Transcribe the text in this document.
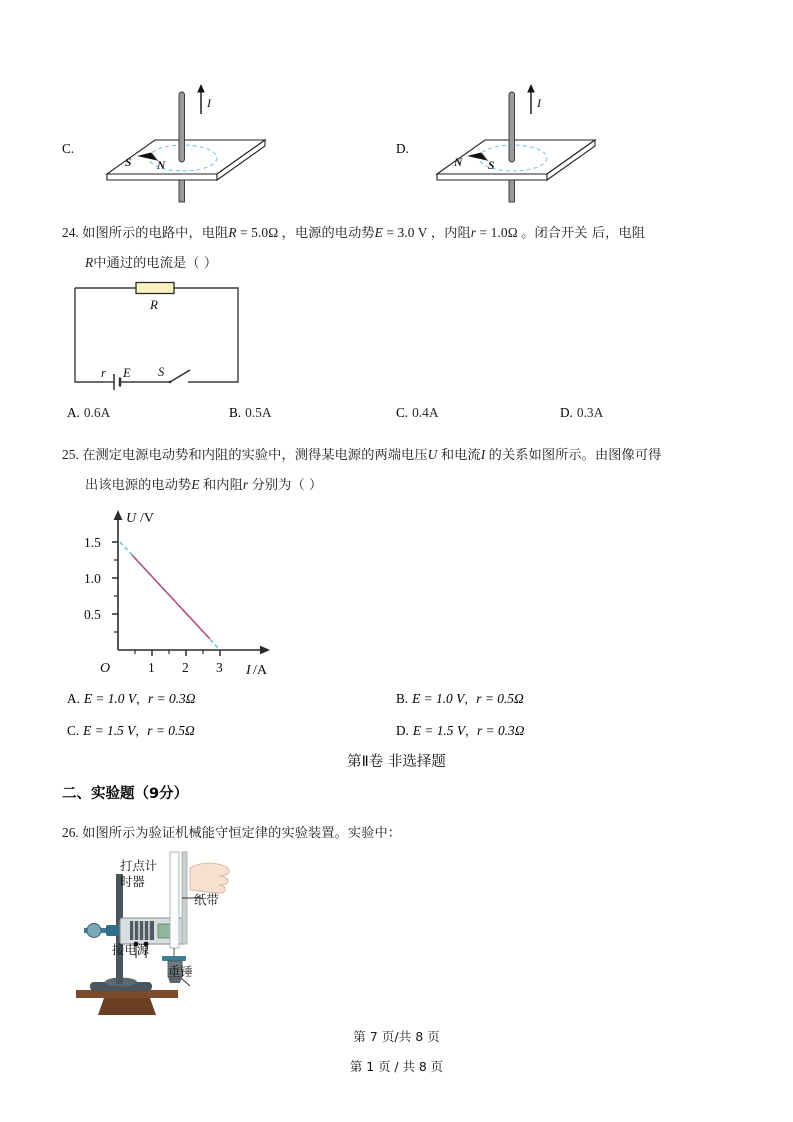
C.
I
S N
D.
I
N S
24. 如图所示的电路中，电阻R = 5.0Ω ，电源的电动势E = 3.0 V ，内阻r = 1.0Ω 。闭合开关 后，电阻
R中通过的电流是（ ）
R
r E S
A. 0.6A	B. 0.5A	C. 0.4A	D. 0.3A
25. 在测定电源电动势和内阻的实验中，测得某电源的两端电压U 和电流I 的关系如图所示。由图像可得
出该电源的电动势E 和内阻r 分别为（ ）
1.5
1.0
0.5
1 2 3
U /V
I /A
O
A. E = 1.0 V，r = 0.3Ω	B. E = 1.0 V，r = 0.5Ω
C. E = 1.5 V，r = 0.5Ω	D. E = 1.5 V，r = 0.3Ω
第Ⅱ卷 非选择题
二、实验题（9分）
26. 如图所示为验证机械能守恒定律的实验装置。实验中：
打点计
时器
纸带
接电源
重锤
第 7 页/共 8 页
第 1 页 / 共 8 页
